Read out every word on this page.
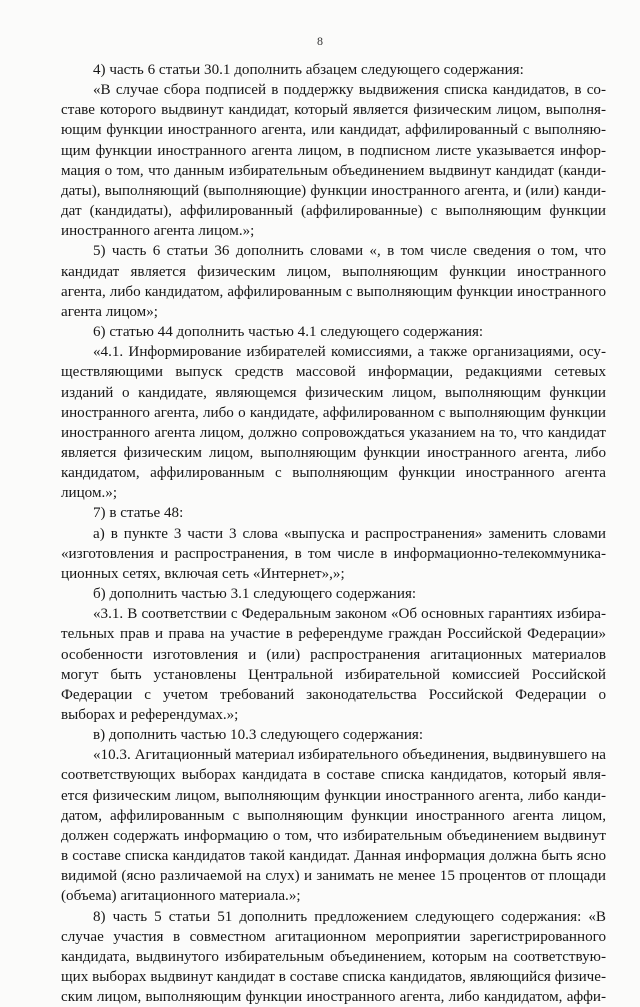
8

4) часть 6 статьи 30.1 дополнить абзацем следующего содержания:

«В случае сбора подписей в поддержку выдвижения списка кандидатов, в составе которого выдвинут кандидат, который является физическим лицом, выполняющим функции иностранного агента, или кандидат, аффилированный с выполняющим функции иностранного агента лицом, в подписном листе указывается информация о том, что данным избирательным объединением выдвинут кандидат (кандидаты), выполняющий (выполняющие) функции иностранного агента, и (или) кандидат (кандидаты), аффилированный (аффилированные) с выполняющим функции иностранного агента лицом.»;

5) часть 6 статьи 36 дополнить словами «, в том числе сведения о том, что кандидат является физическим лицом, выполняющим функции иностранного агента, либо кандидатом, аффилированным с выполняющим функции иностранного агента лицом»;

6) статью 44 дополнить частью 4.1 следующего содержания:

«4.1. Информирование избирателей комиссиями, а также организациями, осуществляющими выпуск средств массовой информации, редакциями сетевых изданий о кандидате, являющемся физическим лицом, выполняющим функции иностранного агента, либо о кандидате, аффилированном с выполняющим функции иностранного агента лицом, должно сопровождаться указанием на то, что кандидат является физическим лицом, выполняющим функции иностранного агента, либо кандидатом, аффилированным с выполняющим функции иностранного агента лицом.»;

7) в статье 48:

а) в пункте 3 части 3 слова «выпуска и распространения» заменить словами «изготовления и распространения, в том числе в информационно-телекоммуникационных сетях, включая сеть «Интернет»,»;

б) дополнить частью 3.1 следующего содержания:

«3.1. В соответствии с Федеральным законом «Об основных гарантиях избирательных прав и права на участие в референдуме граждан Российской Федерации» особенности изготовления и (или) распространения агитационных материалов могут быть установлены Центральной избирательной комиссией Российской Федерации с учетом требований законодательства Российской Федерации о выборах и референдумах.»;

в) дополнить частью 10.3 следующего содержания:

«10.3. Агитационный материал избирательного объединения, выдвинувшего на соответствующих выборах кандидата в составе списка кандидатов, который является физическим лицом, выполняющим функции иностранного агента, либо кандидатом, аффилированным с выполняющим функции иностранного агента лицом, должен содержать информацию о том, что избирательным объединением выдвинут в составе списка кандидатов такой кандидат. Данная информация должна быть ясно видимой (ясно различаемой на слух) и занимать не менее 15 процентов от площади (объема) агитационного материала.»;

8) часть 5 статьи 51 дополнить предложением следующего содержания: «В случае участия в совместном агитационном мероприятии зарегистрированного кандидата, выдвинутого избирательным объединением, которым на соответствующих выборах выдвинут кандидат в составе списка кандидатов, являющийся физическим лицом, выполняющим функции иностранного агента, либо кандидатом, аффи-
